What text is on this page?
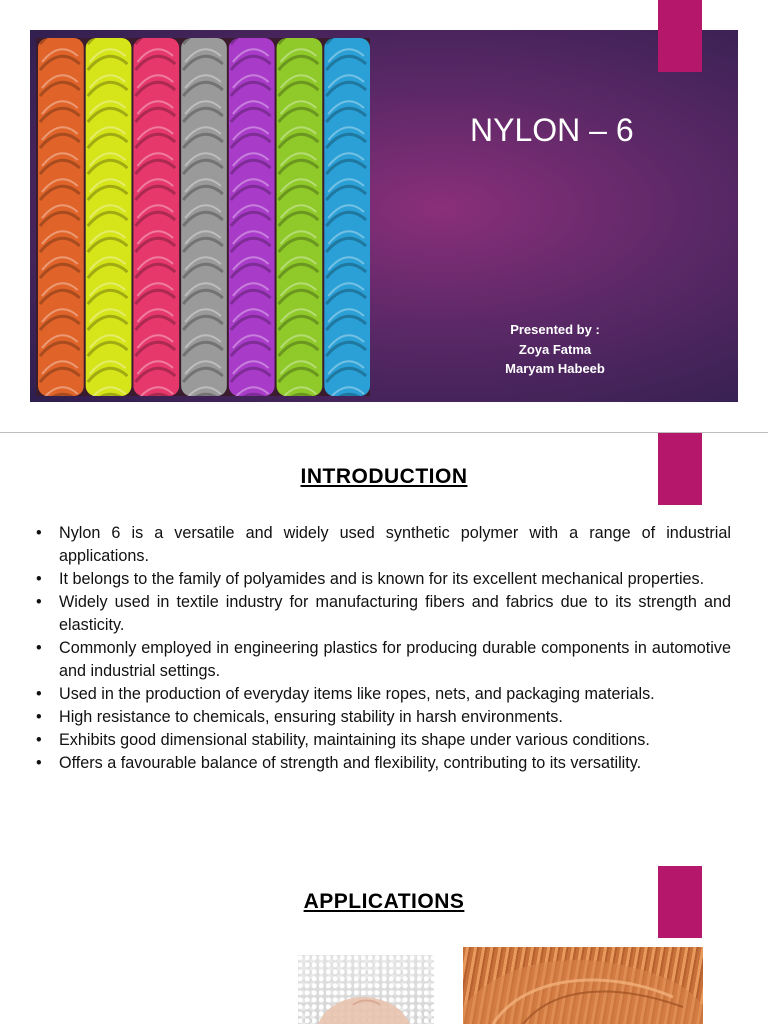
NYLON – 6
Presented by :
Zoya Fatma
Maryam Habeeb
INTRODUCTION
• Nylon 6 is a versatile and widely used synthetic polymer with a range of industrial applications.
• It belongs to the family of polyamides and is known for its excellent mechanical properties.
• Widely used in textile industry for manufacturing fibers and fabrics due to its strength and elasticity.
• Commonly employed in engineering plastics for producing durable components in automotive and industrial settings.
• Used in the production of everyday items like ropes, nets, and packaging materials.
• High resistance to chemicals, ensuring stability in harsh environments.
• Exhibits good dimensional stability, maintaining its shape under various conditions.
• Offers a favourable balance of strength and flexibility, contributing to its versatility.
APPLICATIONS
